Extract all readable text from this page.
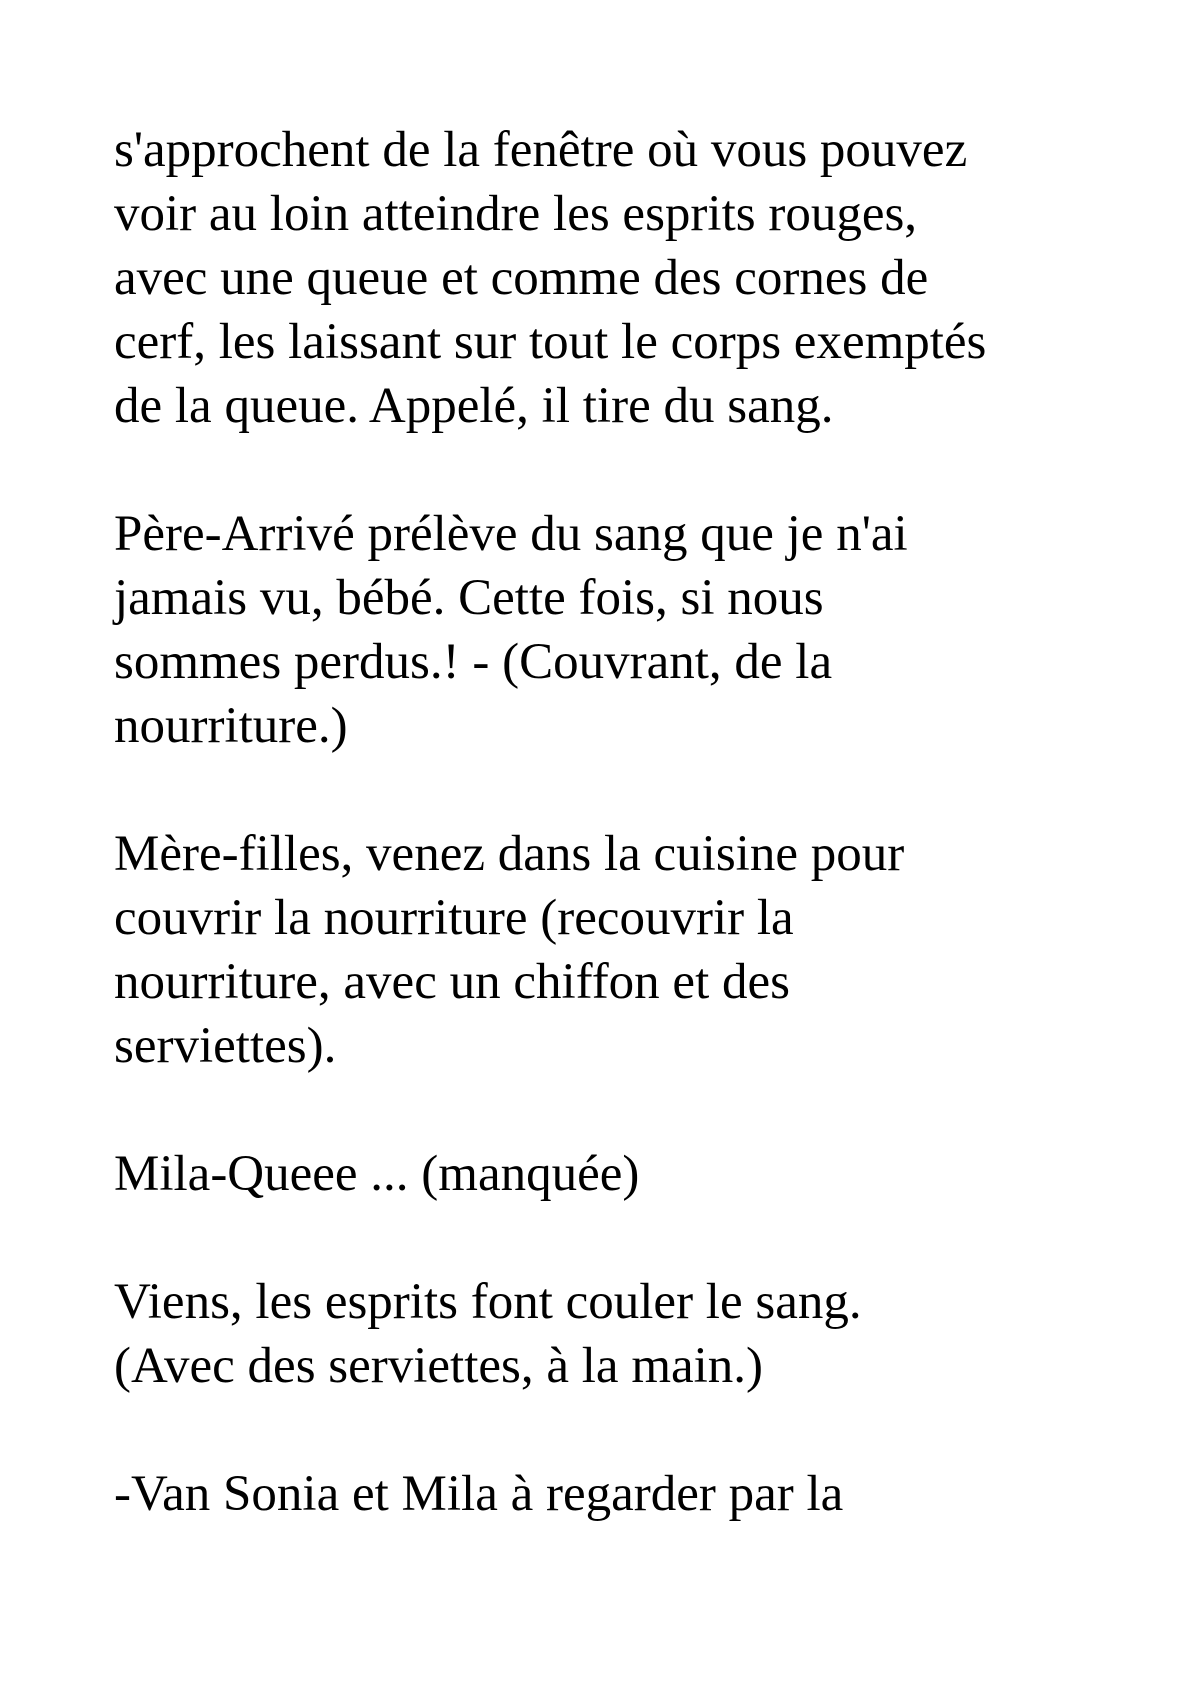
s'approchent de la fenêtre où vous pouvez
voir au loin atteindre les esprits rouges,
avec une queue et comme des cornes de
cerf, les laissant sur tout le corps exemptés
de la queue. Appelé, il tire du sang.
Père-Arrivé prélève du sang que je n'ai
jamais vu, bébé. Cette fois, si nous
sommes perdus.! - (Couvrant, de la
nourriture.)
Mère-filles, venez dans la cuisine pour
couvrir la nourriture (recouvrir la
nourriture, avec un chiffon et des
serviettes).
Mila-Queee ... (manquée)
Viens, les esprits font couler le sang.
(Avec des serviettes, à la main.)
-Van Sonia et Mila à regarder par la
